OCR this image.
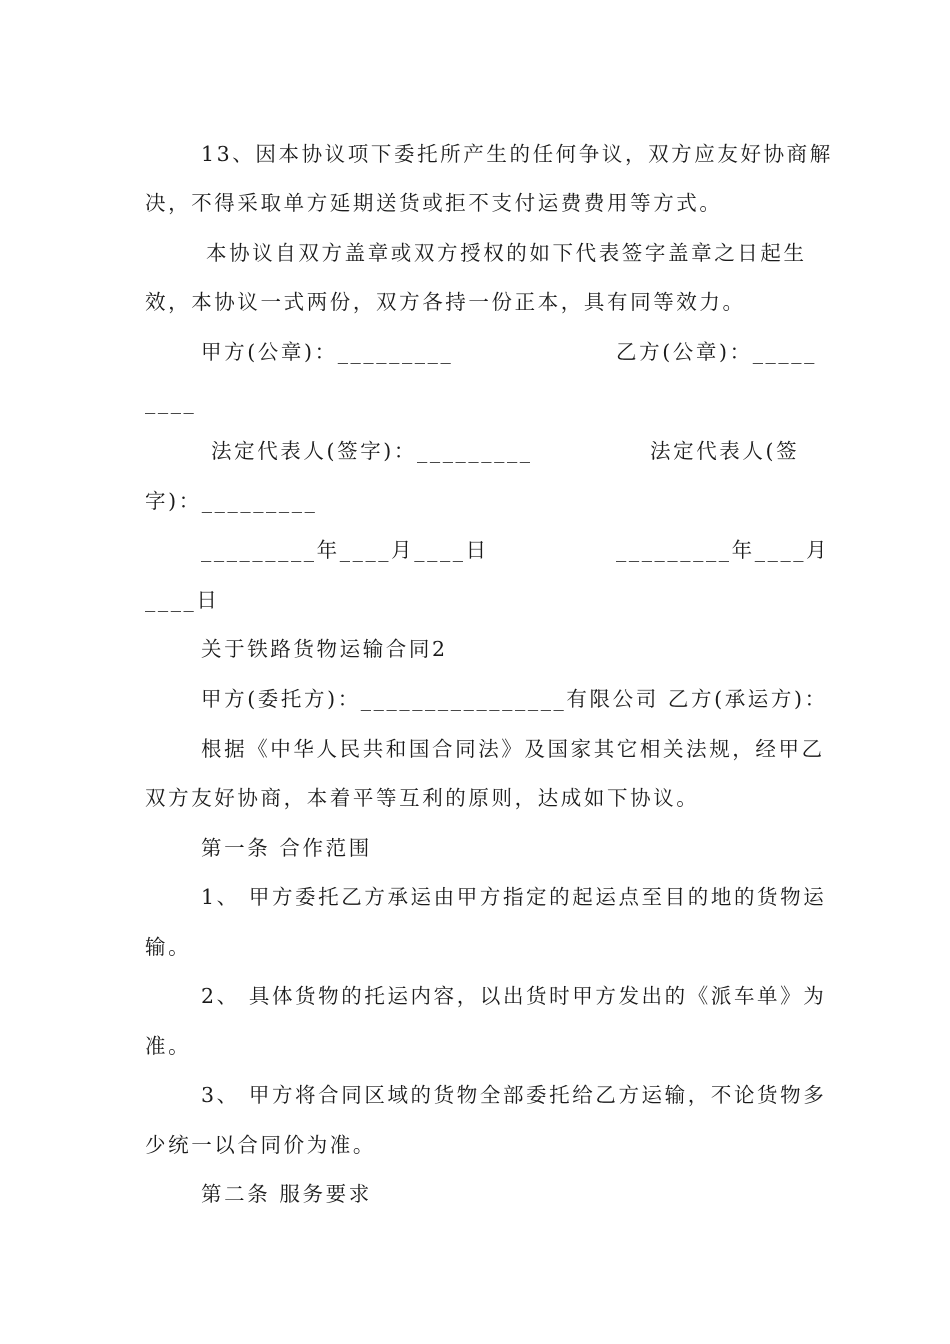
13、因本协议项下委托所产生的任何争议，双方应友好协商解
决，不得采取单方延期送货或拒不支付运费费用等方式。
本协议自双方盖章或双方授权的如下代表签字盖章之日起生
效，本协议一式两份，双方各持一份正本，具有同等效力。
甲方(公章)：_________	乙方(公章)：_____
____
法定代表人(签字)：_________	法定代表人(签
字)：_________
_________年____月____日	_________年____月
____日
关于铁路货物运输合同2
甲方(委托方)：________________有限公司 乙方(承运方)：
根据《中华人民共和国合同法》及国家其它相关法规，经甲乙
双方友好协商，本着平等互利的原则，达成如下协议。
第一条 合作范围
1、 甲方委托乙方承运由甲方指定的起运点至目的地的货物运
输。
2、 具体货物的托运内容，以出货时甲方发出的《派车单》为
准。
3、 甲方将合同区域的货物全部委托给乙方运输，不论货物多
少统一以合同价为准。
第二条 服务要求
